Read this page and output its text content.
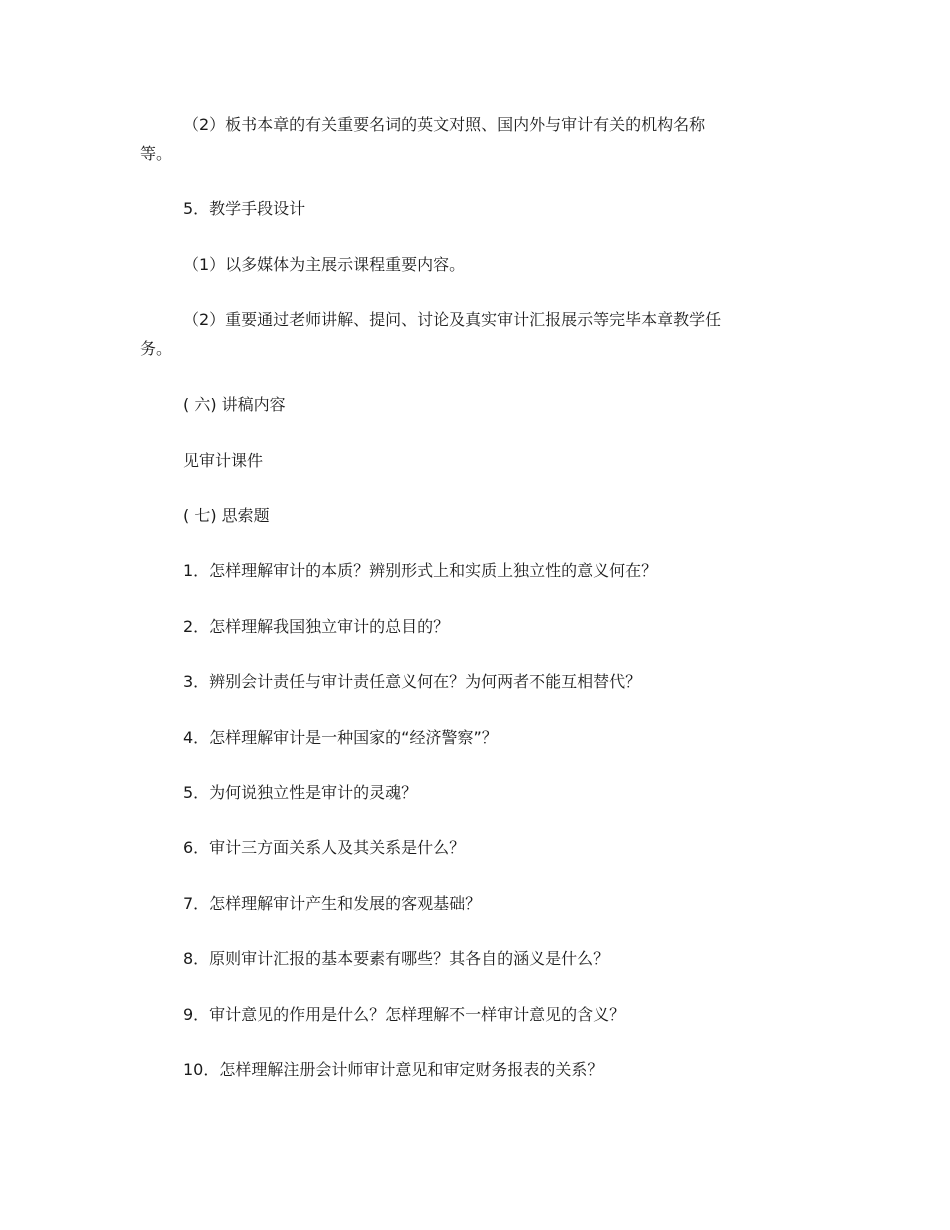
（2）板书本章的有关重要名词的英文对照、国内外与审计有关的机构名称

等。

5．教学手段设计

（1）以多媒体为主展示课程重要内容。

（2）重要通过老师讲解、提问、讨论及真实审计汇报展示等完毕本章教学任

务。

( 六) 讲稿内容

见审计课件

( 七) 思索题

1．怎样理解审计的本质？辨别形式上和实质上独立性的意义何在？

2．怎样理解我国独立审计的总目的？

3．辨别会计责任与审计责任意义何在？为何两者不能互相替代？

4．怎样理解审计是一种国家的“经济警察”？

5．为何说独立性是审计的灵魂？

6．审计三方面关系人及其关系是什么？

7．怎样理解审计产生和发展的客观基础？

8．原则审计汇报的基本要素有哪些？其各自的涵义是什么？

9．审计意见的作用是什么？怎样理解不一样审计意见的含义？

10．怎样理解注册会计师审计意见和审定财务报表的关系？
